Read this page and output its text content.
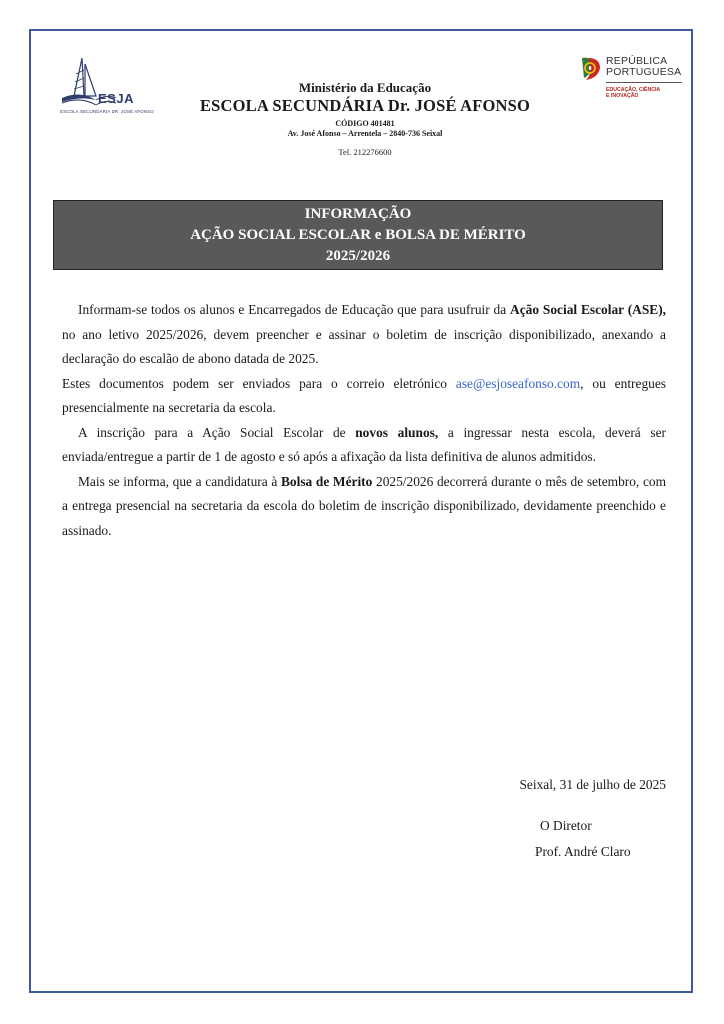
ESJA
ESCOLA SECUNDÁRIA DR. JOSÉ AFONSO
Ministério da Educação
ESCOLA SECUNDÁRIA Dr. JOSÉ AFONSO
CÓDIGO 401481
Av. José Afonso – Arrentela – 2840-736 Seixal
Tel. 212276600
REPÚBLICA
PORTUGUESA
EDUCAÇÃO, CIÊNCIA
E INOVAÇÃO
INFORMAÇÃO
AÇÃO SOCIAL ESCOLAR e BOLSA DE MÉRITO
2025/2026

Informam-se todos os alunos e Encarregados de Educação que para usufruir da Ação Social Escolar (ASE), no ano letivo 2025/2026, devem preencher e assinar o boletim de inscrição disponibilizado, anexando a declaração do escalão de abono datada de 2025.

Estes documentos podem ser enviados para o correio eletrónico ase@esjoseafonso.com, ou entregues presencialmente na secretaria da escola.

A inscrição para a Ação Social Escolar de novos alunos, a ingressar nesta escola, deverá ser enviada/entregue a partir de 1 de agosto e só após a afixação da lista definitiva de alunos admitidos.

Mais se informa, que a candidatura à Bolsa de Mérito 2025/2026 decorrerá durante o mês de setembro, com a entrega presencial na secretaria da escola do boletim de inscrição disponibilizado, devidamente preenchido e assinado.

Seixal, 31 de julho de 2025
O Diretor
Prof. André Claro
